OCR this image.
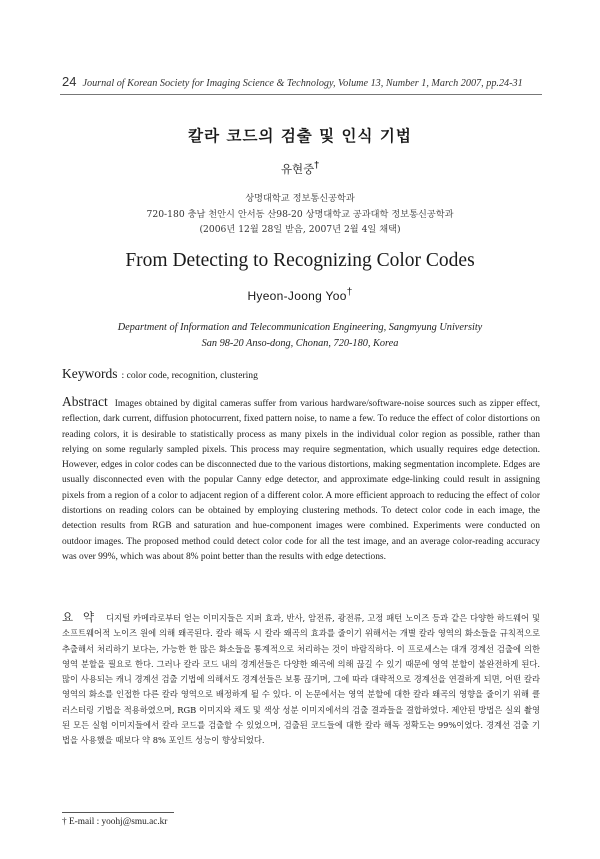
24 Journal of Korean Society for Imaging Science & Technology, Volume 13, Number 1, March 2007, pp.24-31
칼라 코드의 검출 및 인식 기법
유현중†
상명대학교 정보통신공학과
720-180 충남 천안시 안서동 산98-20 상명대학교 공과대학 정보통신공학과
(2006년 12월 28일 받음, 2007년 2월 4일 채택)
From Detecting to Recognizing Color Codes
Hyeon-Joong Yoo†
Department of Information and Telecommunication Engineering, Sangmyung University
San 98-20 Anso-dong, Chonan, 720-180, Korea
Keywords : color code, recognition, clustering
Abstract Images obtained by digital cameras suffer from various hardware/software-noise sources such as zipper effect, reflection, dark current, diffusion photocurrent, fixed pattern noise, to name a few. To reduce the effect of color distortions on reading colors, it is desirable to statistically process as many pixels in the individual color region as possible, rather than relying on some regularly sampled pixels. This process may require segmentation, which usually requires edge detection. However, edges in color codes can be disconnected due to the various distortions, making segmentation incomplete. Edges are usually disconnected even with the popular Canny edge detector, and approximate edge-linking could result in assigning pixels from a region of a color to adjacent region of a different color. A more efficient approach to reducing the effect of color distortions on reading colors can be obtained by employing clustering methods. To detect color code in each image, the detection results from RGB and saturation and hue-component images were combined. Experiments were conducted on outdoor images. The proposed method could detect color code for all the test image, and an average color-reading accuracy was over 99%, which was about 8% point better than the results with edge detections.
요 약 디지털 카메라로부터 얻는 이미지들은 지퍼 효과, 반사, 암전류, 광전류, 고정 패턴 노이즈 등과 같은 다양한 하드웨어 및 소프트웨어적 노이즈 원에 의해 왜곡된다. 칼라 해독 시 칼라 왜곡의 효과를 줄이기 위해서는 개별 칼라 영역의 화소들을 규칙적으로 추출해서 처리하기 보다는, 가능한 한 많은 화소들을 통계적으로 처리하는 것이 바람직하다. 이 프로세스는 대개 경계선 검출에 의한 영역 분할을 필요로 한다. 그러나 칼라 코드 내의 경계선들은 다양한 왜곡에 의해 끊길 수 있기 때문에 영역 분할이 불완전하게 된다. 많이 사용되는 캐니 경계선 검출 기법에 의해서도 경계선들은 보통 끊기며, 그에 따라 대략적으로 경계선을 연결하게 되면, 어떤 칼라 영역의 화소를 인접한 다른 칼라 영역으로 배정하게 될 수 있다. 이 논문에서는 영역 분할에 대한 칼라 왜곡의 영향을 줄이기 위해 클러스터링 기법을 적용하였으며, RGB 이미지와 채도 및 색상 성분 이미지에서의 검출 결과들을 결합하였다. 제안된 방법은 실외 촬영된 모든 실험 이미지들에서 칼라 코드를 검출할 수 있었으며, 검출된 코드들에 대한 칼라 해독 정확도는 99%이었다. 경계선 검출 기법을 사용했을 때보다 약 8% 포인트 성능이 향상되었다.
† E-mail : yoohj@smu.ac.kr
